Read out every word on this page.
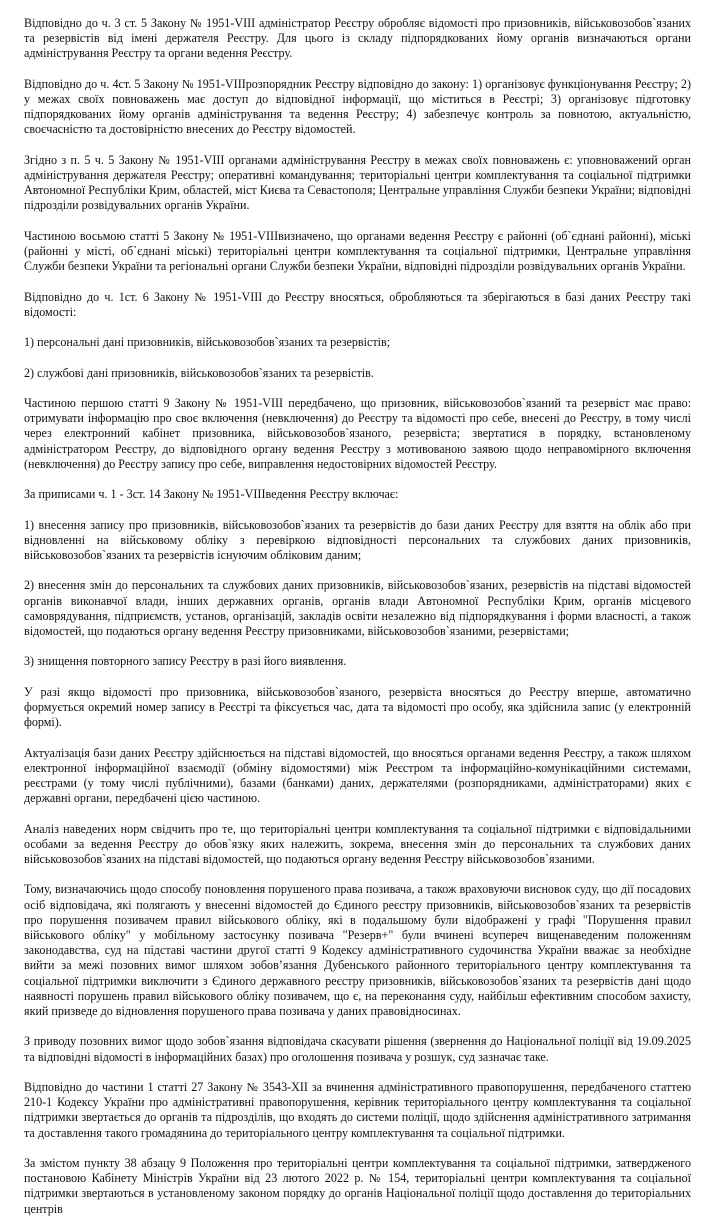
Відповідно до ч. 3 ст. 5 Закону № 1951-VIII адміністратор Реєстру обробляє відомості про призовників, військовозобов`язаних та резервістів від імені держателя Реєстру. Для цього із складу підпорядкованих йому органів визначаються органи адміністрування Реєстру та органи ведення Реєстру.

Відповідно до ч. 4ст. 5 Закону № 1951-VIIIрозпорядник Реєстру відповідно до закону: 1) організовує функціонування Реєстру; 2) у межах своїх повноважень має доступ до відповідної інформації, що міститься в Реєстрі; 3) організовує підготовку підпорядкованих йому органів адміністрування та ведення Реєстру; 4) забезпечує контроль за повнотою, актуальністю, своєчасністю та достовірністю внесених до Реєстру відомостей.

Згідно з п. 5 ч. 5 Закону № 1951-VIII органами адміністрування Реєстру в межах своїх повноважень є: уповноважений орган адміністрування держателя Реєстру; оперативні командування; територіальні центри комплектування та соціальної підтримки Автономної Республіки Крим, областей, міст Києва та Севастополя; Центральне управління Служби безпеки України; відповідні підрозділи розвідувальних органів України.

Частиною восьмою статті 5 Закону № 1951-VIIIвизначено, що органами ведення Реєстру є районні (об`єднані районні), міські (районні у місті, об`єднані міські) територіальні центри комплектування та соціальної підтримки, Центральне управління Служби безпеки України та регіональні органи Служби безпеки України, відповідні підрозділи розвідувальних органів України.

Відповідно до ч. 1ст. 6 Закону № 1951-VIII до Реєстру вносяться, обробляються та зберігаються в базі даних Реєстру такі відомості:

1) персональні дані призовників, військовозобов`язаних та резервістів;

2) службові дані призовників, військовозобов`язаних та резервістів.

Частиною першою статті 9 Закону № 1951-VIII передбачено, що призовник, військовозобов`язаний та резервіст має право: отримувати інформацію про своє включення (невключення) до Реєстру та відомості про себе, внесені до Реєстру, в тому числі через електронний кабінет призовника, військовозобов`язаного, резервіста; звертатися в порядку, встановленому адміністратором Реєстру, до відповідного органу ведення Реєстру з мотивованою заявою щодо неправомірного включення (невключення) до Реєстру запису про себе, виправлення недостовірних відомостей Реєстру.

За приписами ч. 1 - 3ст. 14 Закону № 1951-VIIIведення Реєстру включає:

1) внесення запису про призовників, військовозобов`язаних та резервістів до бази даних Реєстру для взяття на облік або при відновленні на військовому обліку з перевіркою відповідності персональних та службових даних призовників, військовозобов`язаних та резервістів існуючим обліковим даним;

2) внесення змін до персональних та службових даних призовників, військовозобов`язаних, резервістів на підставі відомостей органів виконавчої влади, інших державних органів, органів влади Автономної Республіки Крим, органів місцевого самоврядування, підприємств, установ, організацій, закладів освіти незалежно від підпорядкування і форми власності, а також відомостей, що подаються органу ведення Реєстру призовниками, військовозобов`язаними, резервістами;

3) знищення повторного запису Реєстру в разі його виявлення.

У разі якщо відомості про призовника, військовозобов`язаного, резервіста вносяться до Реєстру вперше, автоматично формується окремий номер запису в Реєстрі та фіксується час, дата та відомості про особу, яка здійснила запис (у електронній формі).

Актуалізація бази даних Реєстру здійснюється на підставі відомостей, що вносяться органами ведення Реєстру, а також шляхом електронної інформаційної взаємодії (обміну відомостями) між Реєстром та інформаційно-комунікаційними системами, реєстрами (у тому числі публічними), базами (банками) даних, держателями (розпорядниками, адміністраторами) яких є державні органи, передбачені цією частиною.

Аналіз наведених норм свідчить про те, що територіальні центри комплектування та соціальної підтримки є відповідальними особами за ведення Реєстру до обов`язку яких належить, зокрема, внесення змін до персональних та службових даних військовозобов`язаних на підставі відомостей, що подаються органу ведення Реєстру військовозобов`язаними.

Тому, визначаючись щодо способу поновлення порушеного права позивача, а також враховуючи висновок суду, що дії посадових осіб відповідача, які полягають у внесенні відомостей до Єдиного реєстру призовників, військовозобов`язаних та резервістів про порушення позивачем правил військового обліку, які в подальшому були відображені у графі "Порушення правил військового обліку" у мобільному застосунку позивача "Резерв+" були вчинені всупереч вищенаведеним положенням законодавства, суд на підставі частини другої статті 9 Кодексу адміністративного судочинства України вважає за необхідне вийти за межі позовних вимог шляхом зобов’язання Дубенського районного територіального центру комплектування та соціальної підтримки виключити з Єдиного державного реєстру призовників, військовозобов`язаних та резервістів дані щодо наявності порушень правил військового обліку позивачем, що є, на переконання суду, найбільш ефективним способом захисту, який призведе до відновлення порушеного права позивача у даних правовідносинах.

З приводу позовних вимог щодо зобов`язання відповідача скасувати рішення (звернення до Національної поліції від 19.09.2025 та відповідні відомості в інформаційних базах) про оголошення позивача у розшук, суд зазначає таке.

Відповідно до частини 1 статті 27 Закону № 3543-XII за вчинення адміністративного правопорушення, передбаченого статтею 210-1 Кодексу України про адміністративні правопорушення, керівник територіального центру комплектування та соціальної підтримки звертається до органів та підрозділів, що входять до системи поліції, щодо здійснення адміністративного затримання та доставлення такого громадянина до територіального центру комплектування та соціальної підтримки.

За змістом пункту 38 абзацу 9 Положення про територіальні центри комплектування та соціальної підтримки, затвердженого постановою Кабінету Міністрів України від 23 лютого 2022 р. № 154, територіальні центри комплектування та соціальної підтримки звертаються в установленому законом порядку до органів Національної поліції щодо доставлення до територіальних центрів
